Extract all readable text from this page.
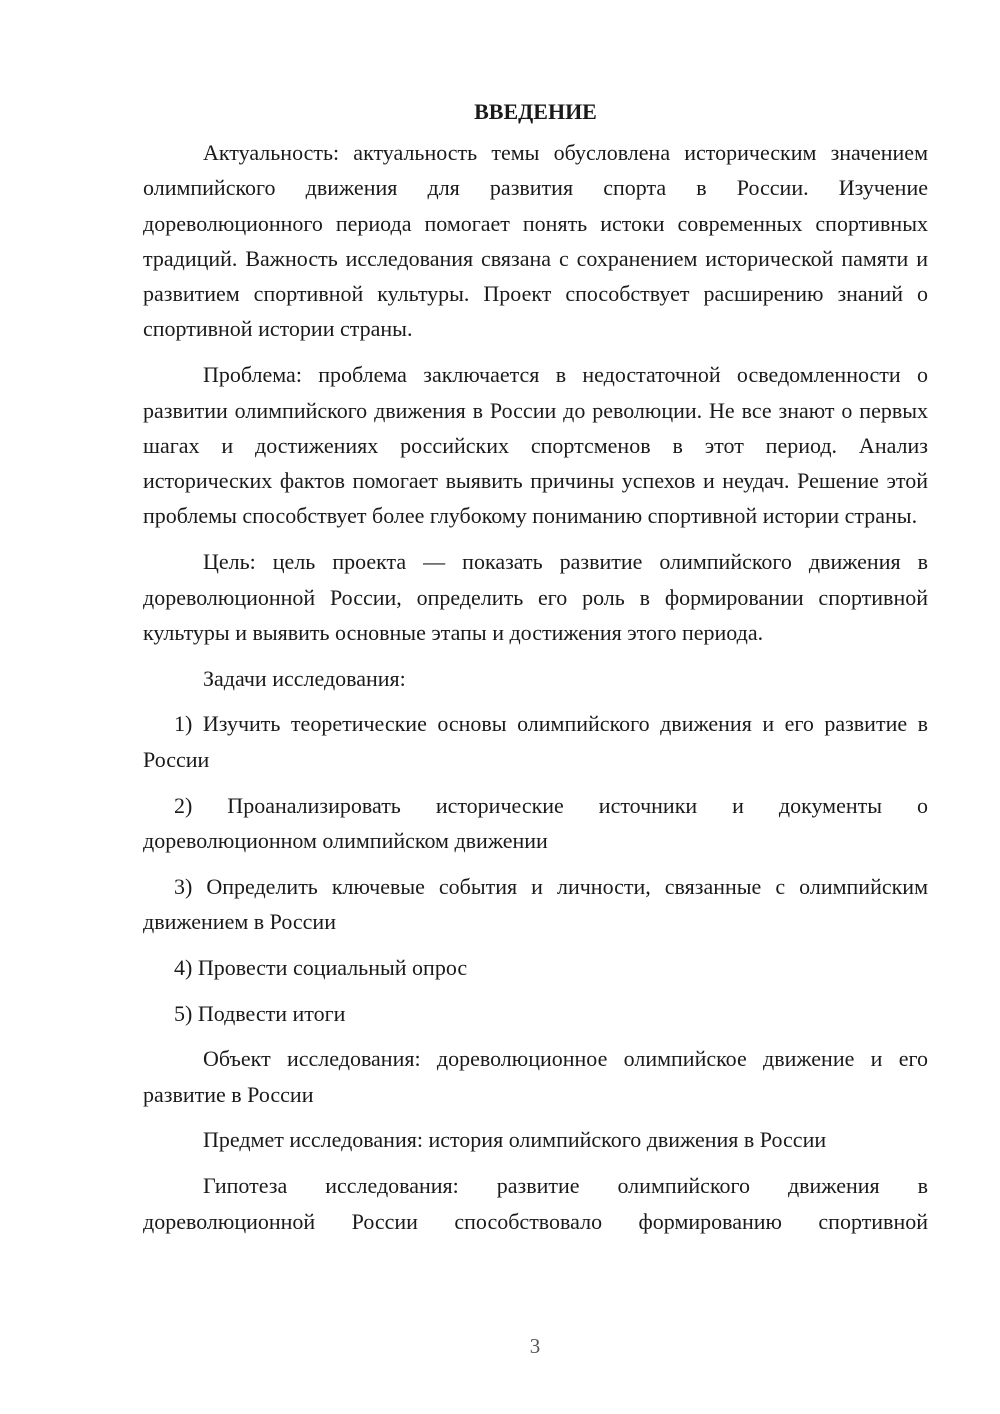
ВВЕДЕНИЕ

Актуальность: актуальность темы обусловлена историческим значением олимпийского движения для развития спорта в России. Изучение дореволюционного периода помогает понять истоки современных спортивных традиций. Важность исследования связана с сохранением исторической памяти и развитием спортивной культуры. Проект способствует расширению знаний о спортивной истории страны.

Проблема: проблема заключается в недостаточной осведомленности о развитии олимпийского движения в России до революции. Не все знают о первых шагах и достижениях российских спортсменов в этот период. Анализ исторических фактов помогает выявить причины успехов и неудач. Решение этой проблемы способствует более глубокому пониманию спортивной истории страны.

Цель: цель проекта — показать развитие олимпийского движения в дореволюционной России, определить его роль в формировании спортивной культуры и выявить основные этапы и достижения этого периода.

Задачи исследования:

1) Изучить теоретические основы олимпийского движения и его развитие в России

2) Проанализировать исторические источники и документы о дореволюционном олимпийском движении

3) Определить ключевые события и личности, связанные с олимпийским движением в России

4) Провести социальный опрос

5) Подвести итоги

Объект исследования: дореволюционное олимпийское движение и его развитие в России

Предмет исследования: история олимпийского движения в России

Гипотеза исследования: развитие олимпийского движения в дореволюционной России способствовало формированию спортивной

3
